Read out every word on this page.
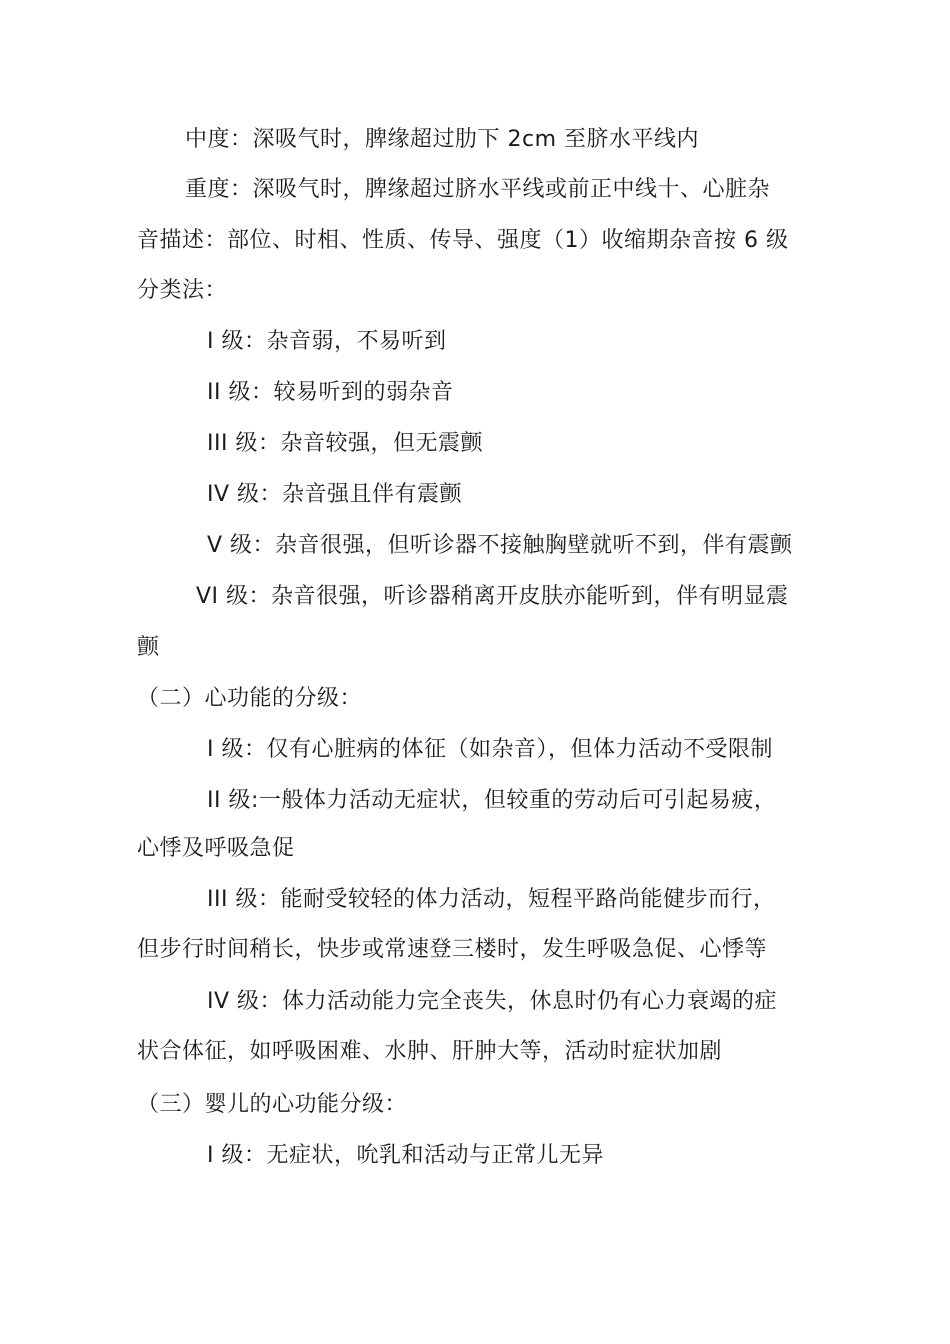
中度：深吸气时，脾缘超过肋下 2cm 至脐水平线内
重度：深吸气时，脾缘超过脐水平线或前正中线十、心脏杂
音描述：部位、时相、性质、传导、强度（1）收缩期杂音按 6 级
分类法：
I 级：杂音弱，不易听到
II 级：较易听到的弱杂音
III 级：杂音较强，但无震颤
IV 级：杂音强且伴有震颤
V 级：杂音很强，但听诊器不接触胸壁就听不到，伴有震颤
VI 级：杂音很强，听诊器稍离开皮肤亦能听到，伴有明显震
颤
（二）心功能的分级：
I 级：仅有心脏病的体征（如杂音），但体力活动不受限制
II 级:一般体力活动无症状，但较重的劳动后可引起易疲，
心悸及呼吸急促
III 级：能耐受较轻的体力活动，短程平路尚能健步而行，
但步行时间稍长，快步或常速登三楼时，发生呼吸急促、心悸等
IV 级：体力活动能力完全丧失，休息时仍有心力衰竭的症
状合体征，如呼吸困难、水肿、肝肿大等，活动时症状加剧
（三）婴儿的心功能分级：
I 级：无症状，吮乳和活动与正常儿无异
